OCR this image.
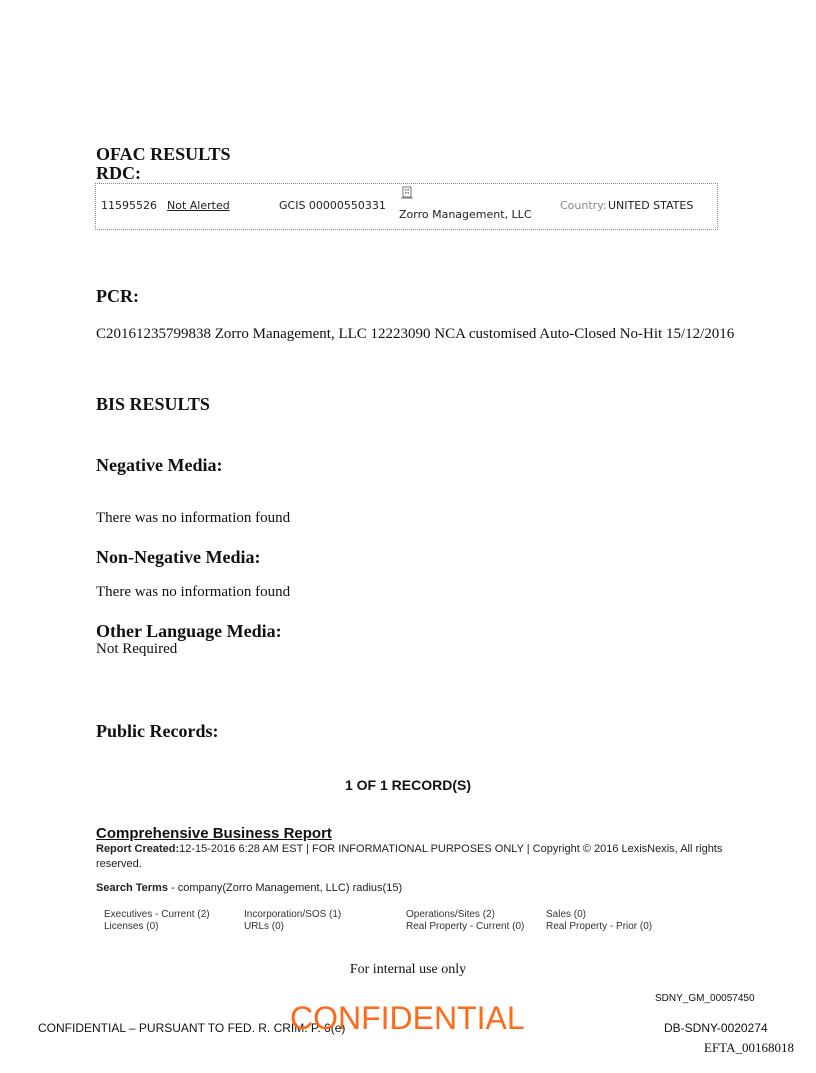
OFAC RESULTS
RDC:
11595526 Not Alerted	GCIS 00000550331
Zorro Management, LLC
Country: UNITED STATES
PCR:
C20161235799838 Zorro Management, LLC 12223090 NCA customised Auto-Closed No-Hit 15/12/2016
BIS RESULTS
Negative Media:
There was no information found
Non-Negative Media:
There was no information found
Other Language Media:
Not Required
Public Records:
1 OF 1 RECORD(S)
Comprehensive Business Report
Report Created:12-15-2016 6:28 AM EST | FOR INFORMATIONAL PURPOSES ONLY | Copyright © 2016 LexisNexis, All rights reserved.
Search Terms - company(Zorro Management, LLC) radius(15)
Executives - Current (2)	Incorporation/SOS (1)	Operations/Sites (2)	Sales (0)
Licenses (0)	URLs (0)	Real Property - Current (0) Real Property - Prior (0)
For internal use only
SDNY_GM_00057450
CONFIDENTIAL – PURSUANT TO FED. R. CRIM. P. 6(e)
CONFIDENTIAL	DB-SDNY-0020274
EFTA_00168018
